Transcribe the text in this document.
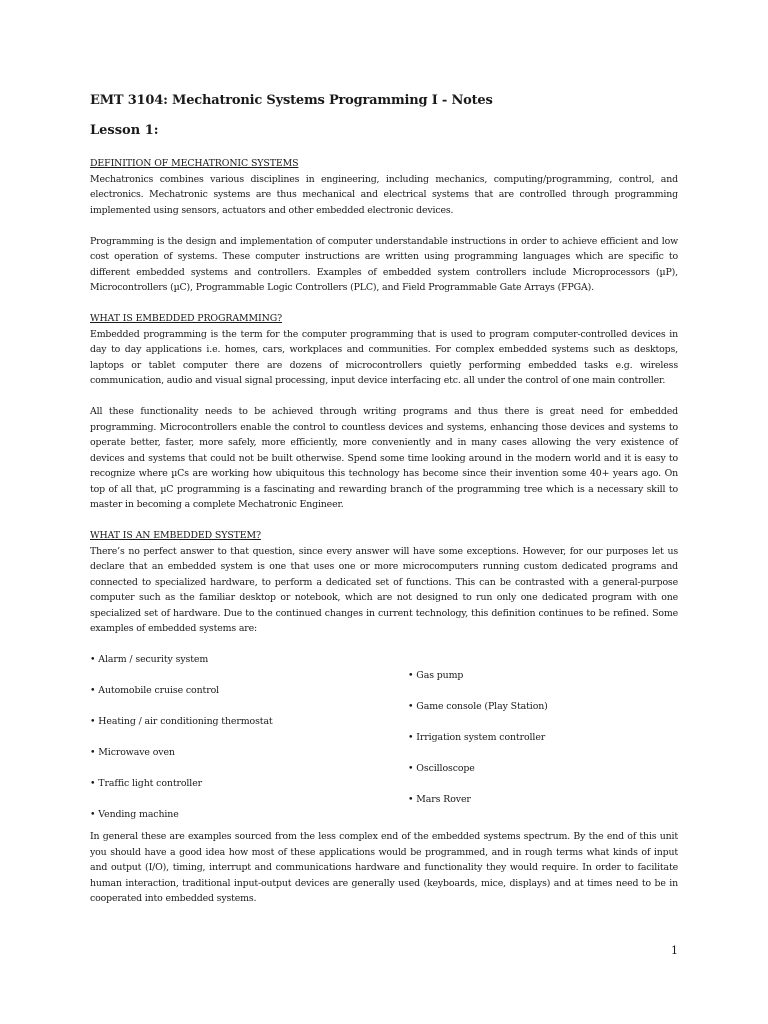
EMT 3104: Mechatronic Systems Programming I - Notes
Lesson 1:
DEFINITION OF MECHATRONIC SYSTEMS

Mechatronics combines various disciplines in engineering, including mechanics, computing/programming, control, and electronics. Mechatronic systems are thus mechanical and electrical systems that are controlled through programming implemented using sensors, actuators and other embedded electronic devices.

Programming is the design and implementation of computer understandable instructions in order to achieve efficient and low cost operation of systems. These computer instructions are written using programming languages which are specific to different embedded systems and controllers. Examples of embedded system controllers include Microprocessors (µP), Microcontrollers (µC), Programmable Logic Controllers (PLC), and Field Programmable Gate Arrays (FPGA).

WHAT IS EMBEDDED PROGRAMMING?

Embedded programming is the term for the computer programming that is used to program computer-controlled devices in day to day applications i.e. homes, cars, workplaces and communities. For complex embedded systems such as desktops, laptops or tablet computer there are dozens of microcontrollers quietly performing embedded tasks e.g. wireless communication, audio and visual signal processing, input device interfacing etc. all under the control of one main controller.

All these functionality needs to be achieved through writing programs and thus there is great need for embedded programming. Microcontrollers enable the control to countless devices and systems, enhancing those devices and systems to operate better, faster, more safely, more efficiently, more conveniently and in many cases allowing the very existence of devices and systems that could not be built otherwise. Spend some time looking around in the modern world and it is easy to recognize where µCs are working how ubiquitous this technology has become since their invention some 40+ years ago. On top of all that, µC programming is a fascinating and rewarding branch of the programming tree which is a necessary skill to master in becoming a complete Mechatronic Engineer.

WHAT IS AN EMBEDDED SYSTEM?

There’s no perfect answer to that question, since every answer will have some exceptions. However, for our purposes let us declare that an embedded system is one that uses one or more microcomputers running custom dedicated programs and connected to specialized hardware, to perform a dedicated set of functions. This can be contrasted with a general-purpose computer such as the familiar desktop or notebook, which are not designed to run only one dedicated program with one specialized set of hardware. Due to the continued changes in current technology, this definition continues to be refined. Some examples of embedded systems are:

• Alarm / security system
• Automobile cruise control
• Heating / air conditioning thermostat
• Microwave oven
• Traffic light controller
• Vending machine
• Gas pump
• Game console (Play Station)
• Irrigation system controller
• Oscilloscope
• Mars Rover

In general these are examples sourced from the less complex end of the embedded systems spectrum. By the end of this unit you should have a good idea how most of these applications would be programmed, and in rough terms what kinds of input and output (I/O), timing, interrupt and communications hardware and functionality they would require. In order to facilitate human interaction, traditional input-output devices are generally used (keyboards, mice, displays) and at times need to be in cooperated into embedded systems.

1
